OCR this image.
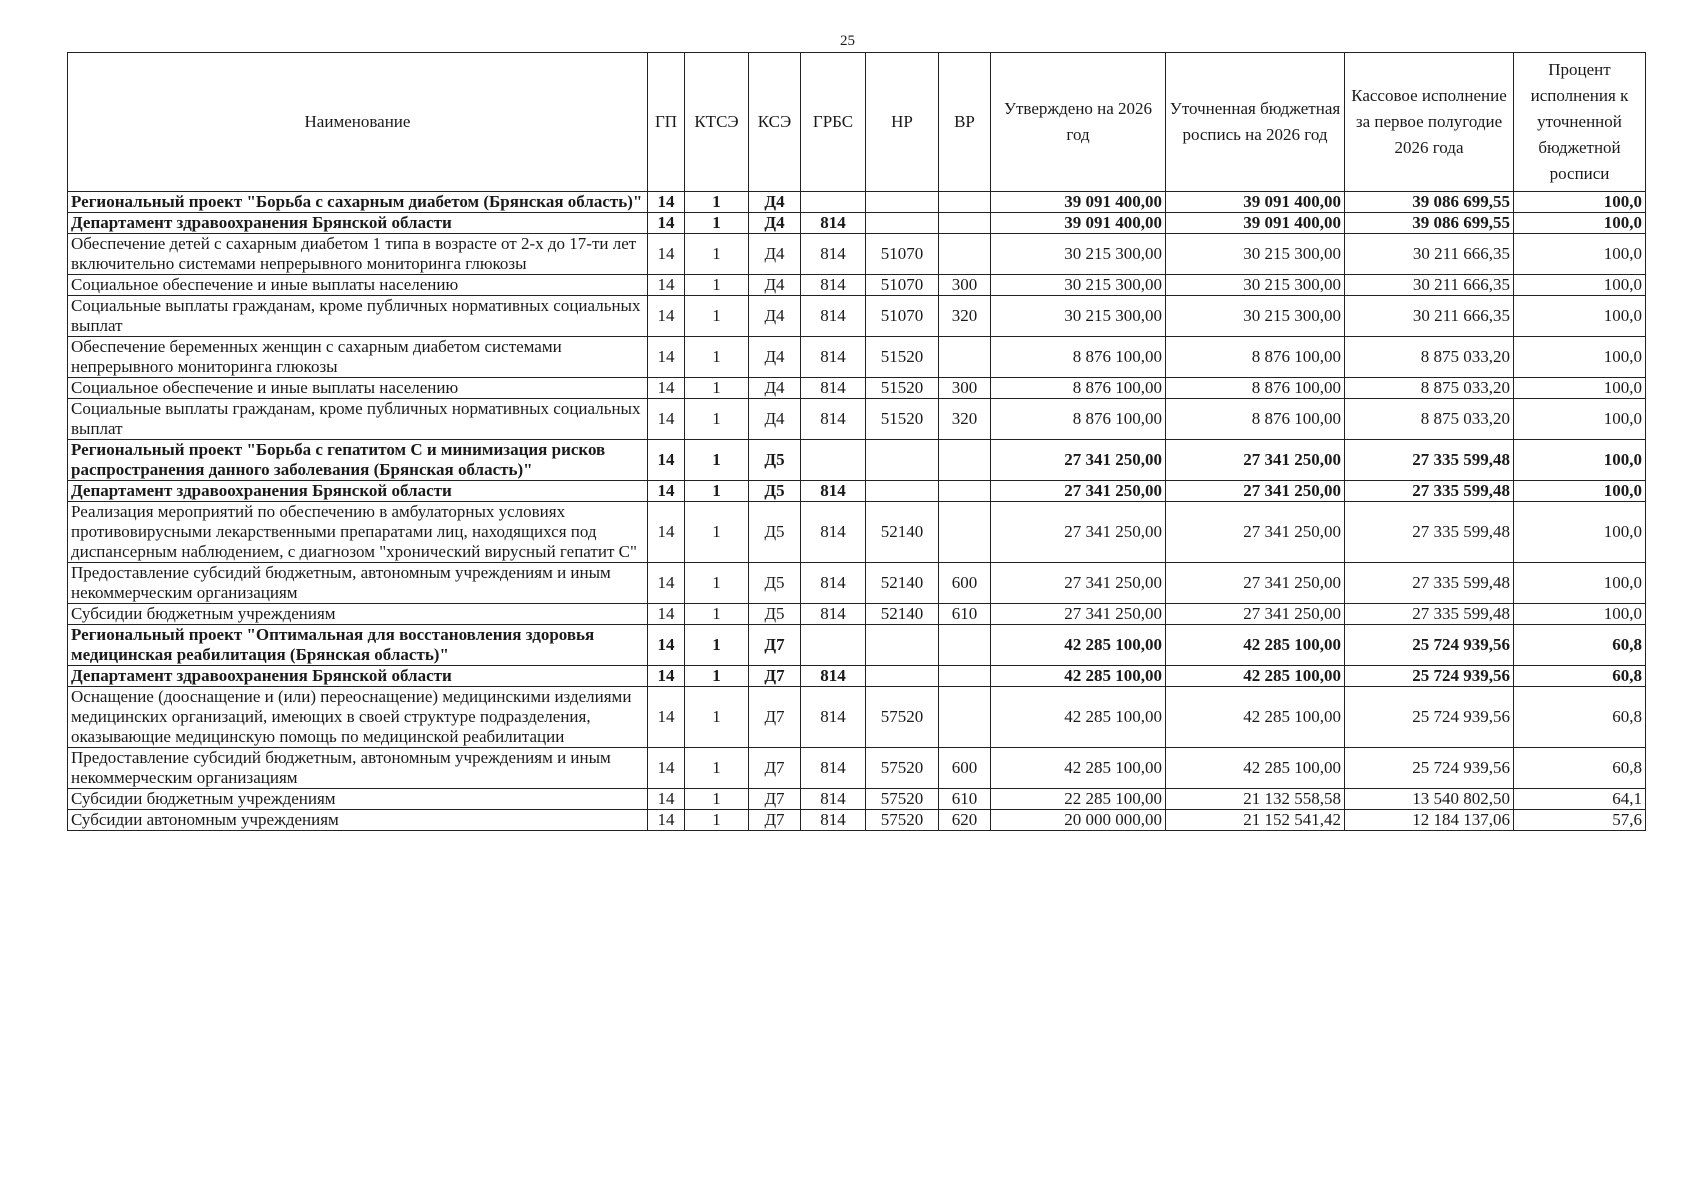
25
Наименование	ГП	КТСЭ	КСЭ	ГРБС	НР	ВР	Утверждено на 2026 год	Уточненная бюджетная роспись на 2026 год	Кассовое исполнение за первое полугодие 2026 года	Процент исполнения к уточненной бюджетной росписи
Региональный проект "Борьба с сахарным диабетом (Брянская область)"	14	1	Д4				39 091 400,00	39 091 400,00	39 086 699,55	100,0
Департамент здравоохранения Брянской области	14	1	Д4	814			39 091 400,00	39 091 400,00	39 086 699,55	100,0
Обеспечение детей с сахарным диабетом 1 типа в возрасте от 2-х до 17-ти лет включительно системами непрерывного мониторинга глюкозы	14	1	Д4	814	51070		30 215 300,00	30 215 300,00	30 211 666,35	100,0
Социальное обеспечение и иные выплаты населению	14	1	Д4	814	51070	300	30 215 300,00	30 215 300,00	30 211 666,35	100,0
Социальные выплаты гражданам, кроме публичных нормативных социальных выплат	14	1	Д4	814	51070	320	30 215 300,00	30 215 300,00	30 211 666,35	100,0
Обеспечение беременных женщин с сахарным диабетом системами непрерывного мониторинга глюкозы	14	1	Д4	814	51520		8 876 100,00	8 876 100,00	8 875 033,20	100,0
Социальное обеспечение и иные выплаты населению	14	1	Д4	814	51520	300	8 876 100,00	8 876 100,00	8 875 033,20	100,0
Социальные выплаты гражданам, кроме публичных нормативных социальных выплат	14	1	Д4	814	51520	320	8 876 100,00	8 876 100,00	8 875 033,20	100,0
Региональный проект "Борьба с гепатитом С и минимизация рисков распространения данного заболевания (Брянская область)"	14	1	Д5				27 341 250,00	27 341 250,00	27 335 599,48	100,0
Департамент здравоохранения Брянской области	14	1	Д5	814			27 341 250,00	27 341 250,00	27 335 599,48	100,0
Реализация мероприятий по обеспечению в амбулаторных условиях противовирусными лекарственными препаратами лиц, находящихся под диспансерным наблюдением, с диагнозом "хронический вирусный гепатит С"	14	1	Д5	814	52140		27 341 250,00	27 341 250,00	27 335 599,48	100,0
Предоставление субсидий бюджетным, автономным учреждениям и иным некоммерческим организациям	14	1	Д5	814	52140	600	27 341 250,00	27 341 250,00	27 335 599,48	100,0
Субсидии бюджетным учреждениям	14	1	Д5	814	52140	610	27 341 250,00	27 341 250,00	27 335 599,48	100,0
Региональный проект "Оптимальная для восстановления здоровья медицинская реабилитация (Брянская область)"	14	1	Д7				42 285 100,00	42 285 100,00	25 724 939,56	60,8
Департамент здравоохранения Брянской области	14	1	Д7	814			42 285 100,00	42 285 100,00	25 724 939,56	60,8
Оснащение (дооснащение и (или) переоснащение) медицинскими изделиями медицинских организаций, имеющих в своей структуре подразделения, оказывающие медицинскую помощь по медицинской реабилитации	14	1	Д7	814	57520		42 285 100,00	42 285 100,00	25 724 939,56	60,8
Предоставление субсидий бюджетным, автономным учреждениям и иным некоммерческим организациям	14	1	Д7	814	57520	600	42 285 100,00	42 285 100,00	25 724 939,56	60,8
Субсидии бюджетным учреждениям	14	1	Д7	814	57520	610	22 285 100,00	21 132 558,58	13 540 802,50	64,1
Субсидии автономным учреждениям	14	1	Д7	814	57520	620	20 000 000,00	21 152 541,42	12 184 137,06	57,6
